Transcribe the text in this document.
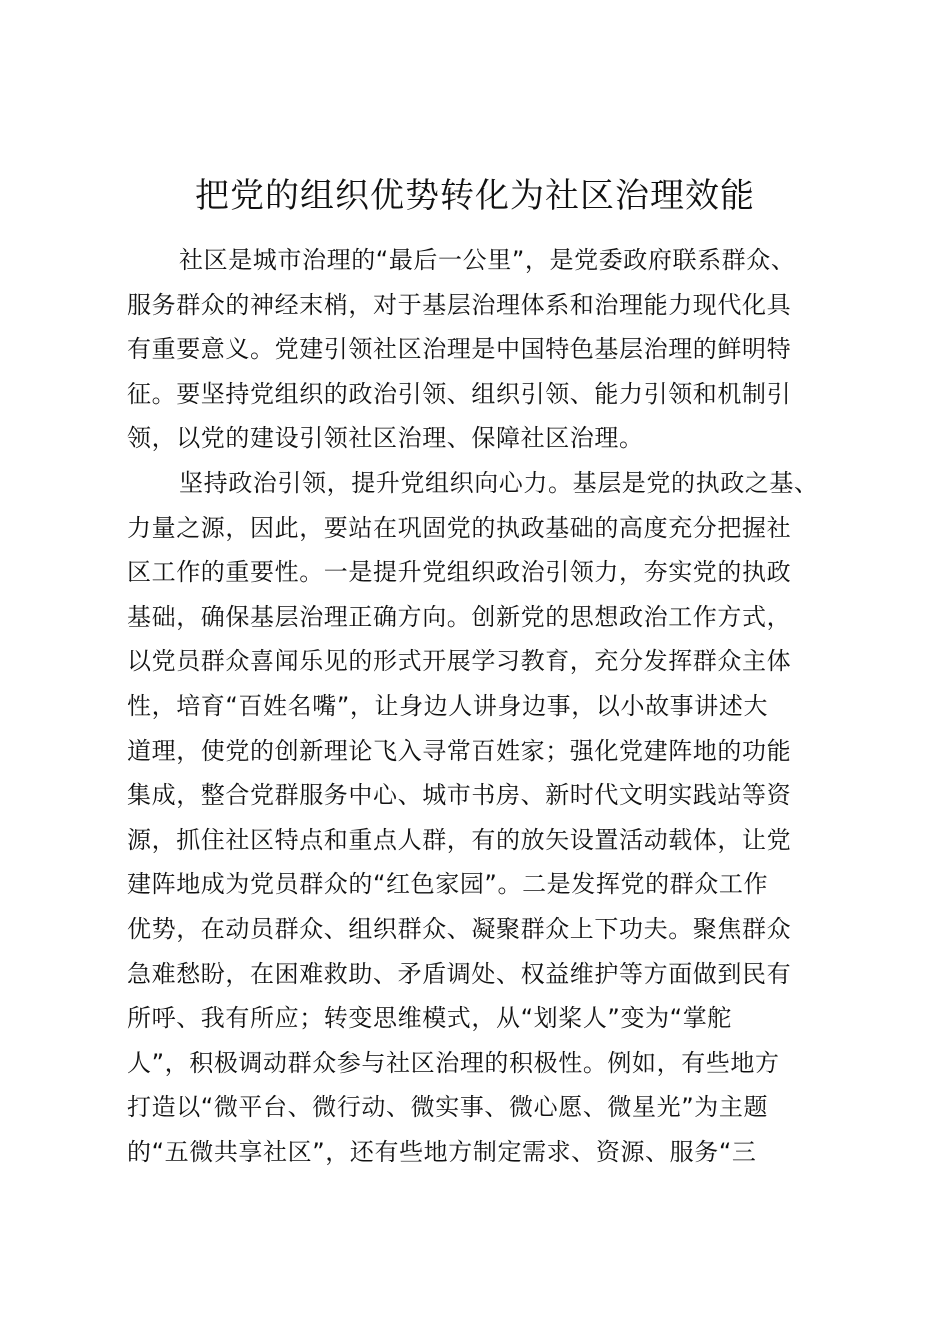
把党的组织优势转化为社区治理效能

社区是城市治理的“最后一公里”，是党委政府联系群众、
服务群众的神经末梢，对于基层治理体系和治理能力现代化具
有重要意义。党建引领社区治理是中国特色基层治理的鲜明特
征。要坚持党组织的政治引领、组织引领、能力引领和机制引
领，以党的建设引领社区治理、保障社区治理。

坚持政治引领，提升党组织向心力。基层是党的执政之基、
力量之源，因此，要站在巩固党的执政基础的高度充分把握社
区工作的重要性。一是提升党组织政治引领力，夯实党的执政
基础，确保基层治理正确方向。创新党的思想政治工作方式，
以党员群众喜闻乐见的形式开展学习教育，充分发挥群众主体
性，培育“百姓名嘴”，让身边人讲身边事，以小故事讲述大
道理，使党的创新理论飞入寻常百姓家；强化党建阵地的功能
集成，整合党群服务中心、城市书房、新时代文明实践站等资
源，抓住社区特点和重点人群，有的放矢设置活动载体，让党
建阵地成为党员群众的“红色家园”。二是发挥党的群众工作
优势，在动员群众、组织群众、凝聚群众上下功夫。聚焦群众
急难愁盼，在困难救助、矛盾调处、权益维护等方面做到民有
所呼、我有所应；转变思维模式，从“划桨人”变为“掌舵
人”，积极调动群众参与社区治理的积极性。例如，有些地方
打造以“微平台、微行动、微实事、微心愿、微星光”为主题
的“五微共享社区”，还有些地方制定需求、资源、服务“三
